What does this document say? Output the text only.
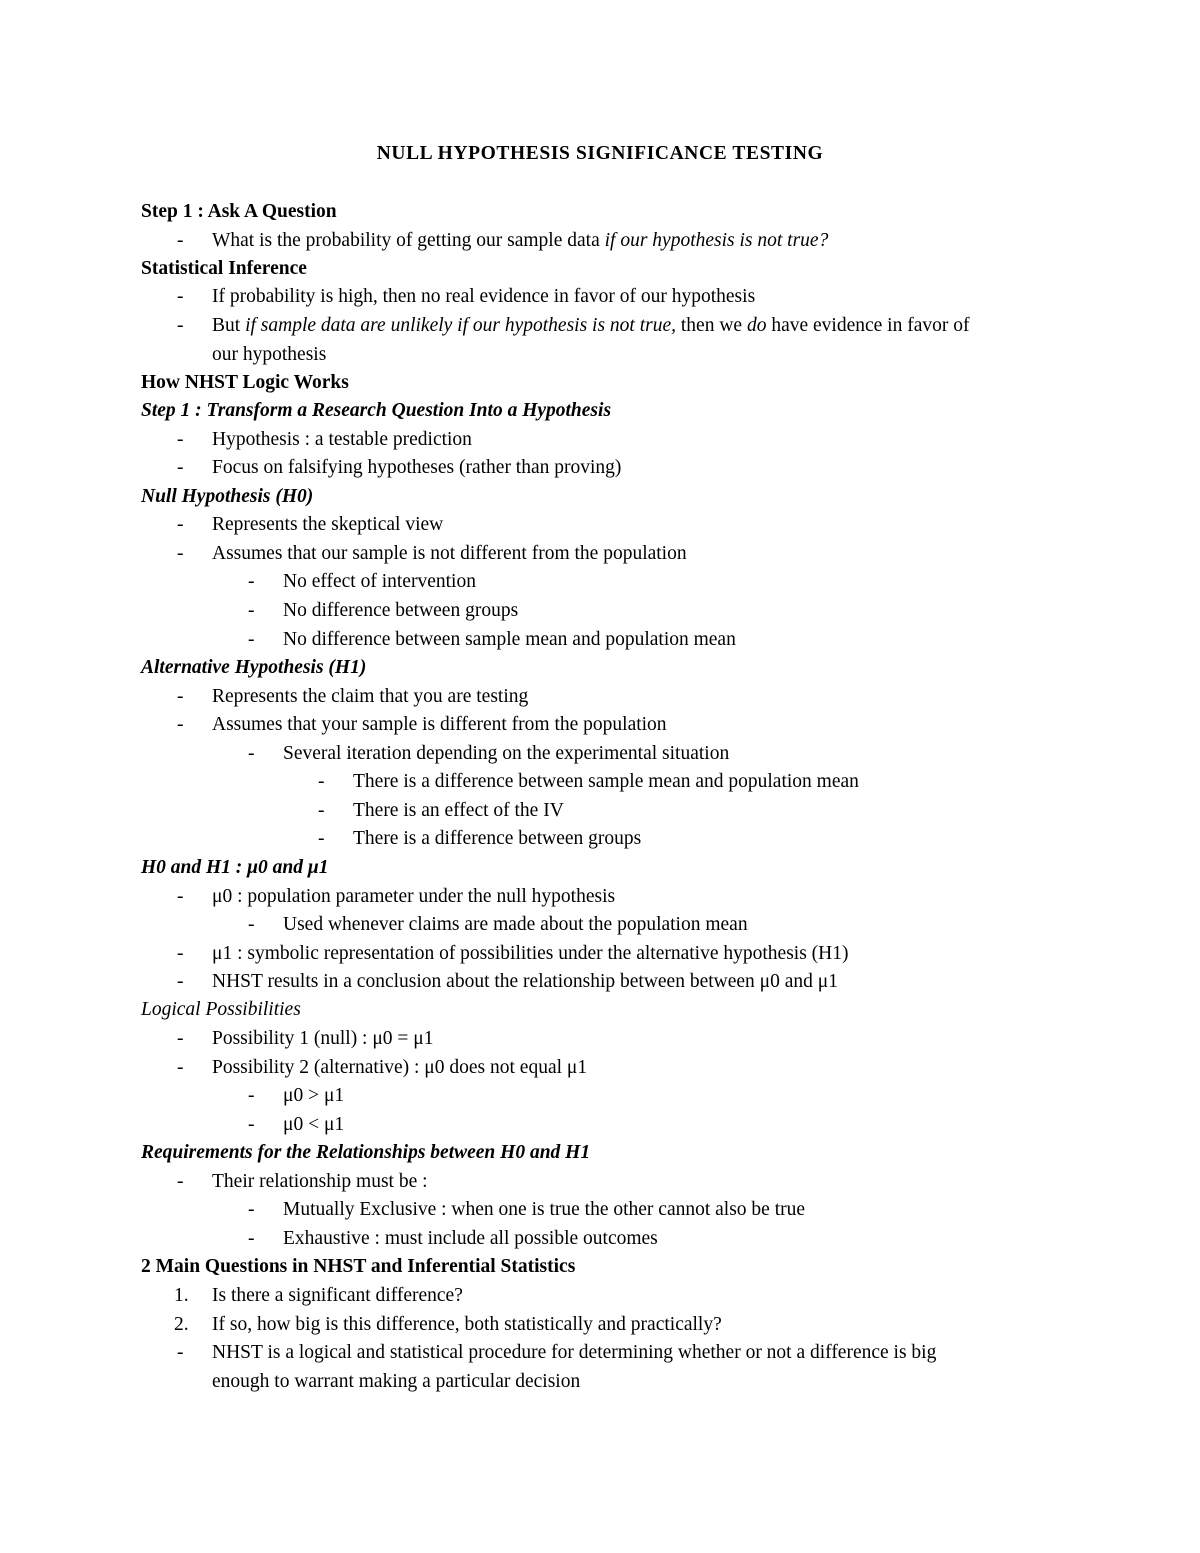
NULL HYPOTHESIS SIGNIFICANCE TESTING
Step 1 : Ask A Question
- What is the probability of getting our sample data if our hypothesis is not true?
Statistical Inference
- If probability is high, then no real evidence in favor of our hypothesis
- But if sample data are unlikely if our hypothesis is not true, then we do have evidence in favor of
our hypothesis
How NHST Logic Works
Step 1 : Transform a Research Question Into a Hypothesis
- Hypothesis : a testable prediction
- Focus on falsifying hypotheses (rather than proving)
Null Hypothesis (H0)
- Represents the skeptical view
- Assumes that our sample is not different from the population
- No effect of intervention
- No difference between groups
- No difference between sample mean and population mean
Alternative Hypothesis (H1)
- Represents the claim that you are testing
- Assumes that your sample is different from the population
- Several iteration depending on the experimental situation
- There is a difference between sample mean and population mean
- There is an effect of the IV
- There is a difference between groups
H0 and H1 : μ0 and μ1
- μ0 : population parameter under the null hypothesis
- Used whenever claims are made about the population mean
- μ1 : symbolic representation of possibilities under the alternative hypothesis (H1)
- NHST results in a conclusion about the relationship between between μ0 and μ1
Logical Possibilities
- Possibility 1 (null) : μ0 = μ1
- Possibility 2 (alternative) : μ0 does not equal μ1
- μ0 > μ1
- μ0 < μ1
Requirements for the Relationships between H0 and H1
- Their relationship must be :
- Mutually Exclusive : when one is true the other cannot also be true
- Exhaustive : must include all possible outcomes
2 Main Questions in NHST and Inferential Statistics
1. Is there a significant difference?
2. If so, how big is this difference, both statistically and practically?
- NHST is a logical and statistical procedure for determining whether or not a difference is big
enough to warrant making a particular decision
